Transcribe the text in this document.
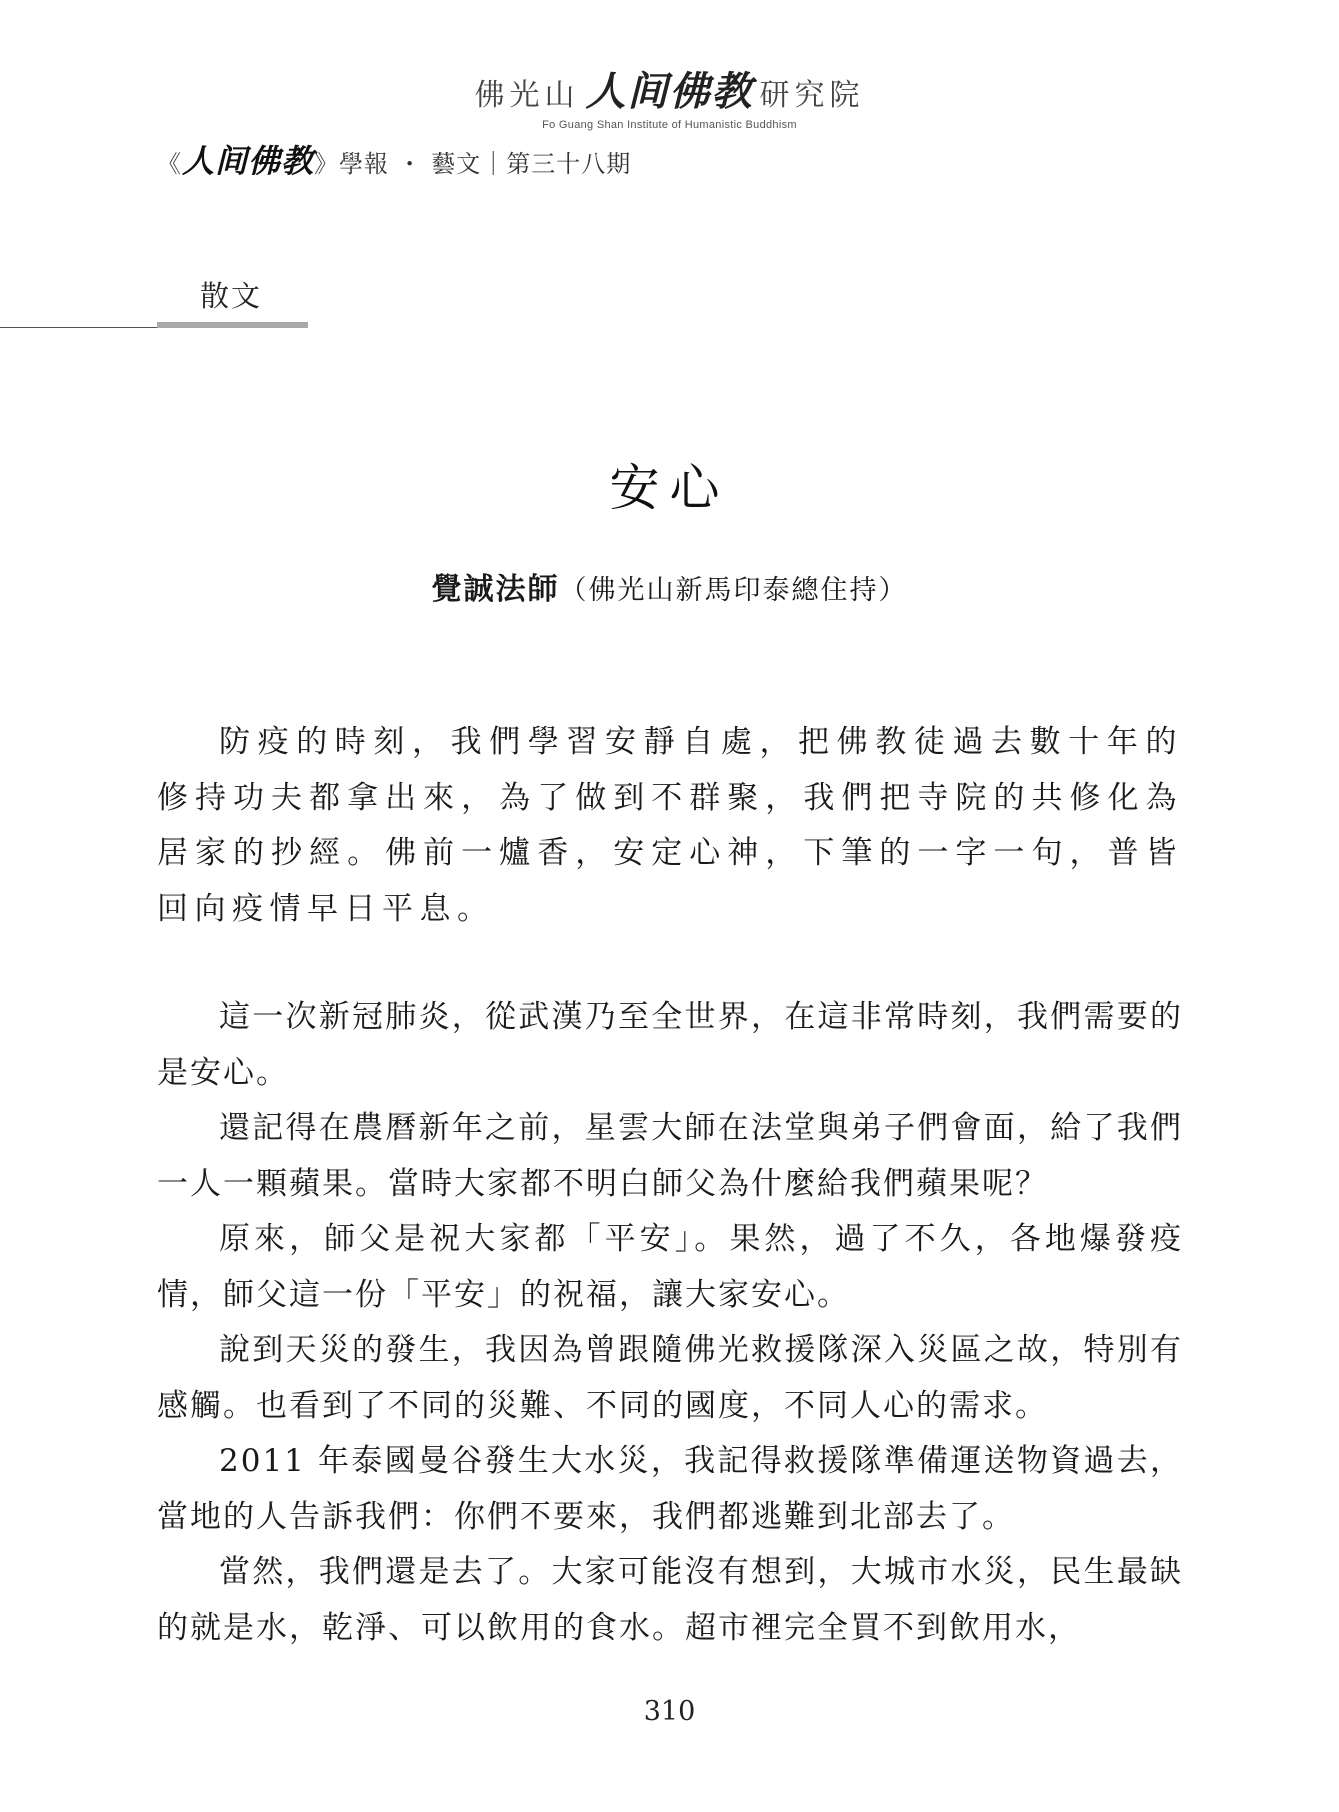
佛光山 人间佛教 研究院
Fo Guang Shan Institute of Humanistic Buddhism
《人间佛教》學報 ・ 藝文｜第三十八期
散文
安心
覺誠法師（佛光山新馬印泰總住持）

防疫的時刻，我們學習安靜自處，把佛教徒過去數十年的修持功夫都拿出來，為了做到不群聚，我們把寺院的共修化為居家的抄經。佛前一爐香，安定心神，下筆的一字一句，普皆回向疫情早日平息。

這一次新冠肺炎，從武漢乃至全世界，在這非常時刻，我們需要的是安心。

還記得在農曆新年之前，星雲大師在法堂與弟子們會面，給了我們一人一顆蘋果。當時大家都不明白師父為什麼給我們蘋果呢？

原來，師父是祝大家都「平安」。果然，過了不久，各地爆發疫情，師父這一份「平安」的祝福，讓大家安心。

說到天災的發生，我因為曾跟隨佛光救援隊深入災區之故，特別有感觸。也看到了不同的災難、不同的國度，不同人心的需求。

2011 年泰國曼谷發生大水災，我記得救援隊準備運送物資過去，當地的人告訴我們：你們不要來，我們都逃難到北部去了。

當然，我們還是去了。大家可能沒有想到，大城市水災，民生最缺的就是水，乾淨、可以飲用的食水。超市裡完全買不到飲用水，

310
